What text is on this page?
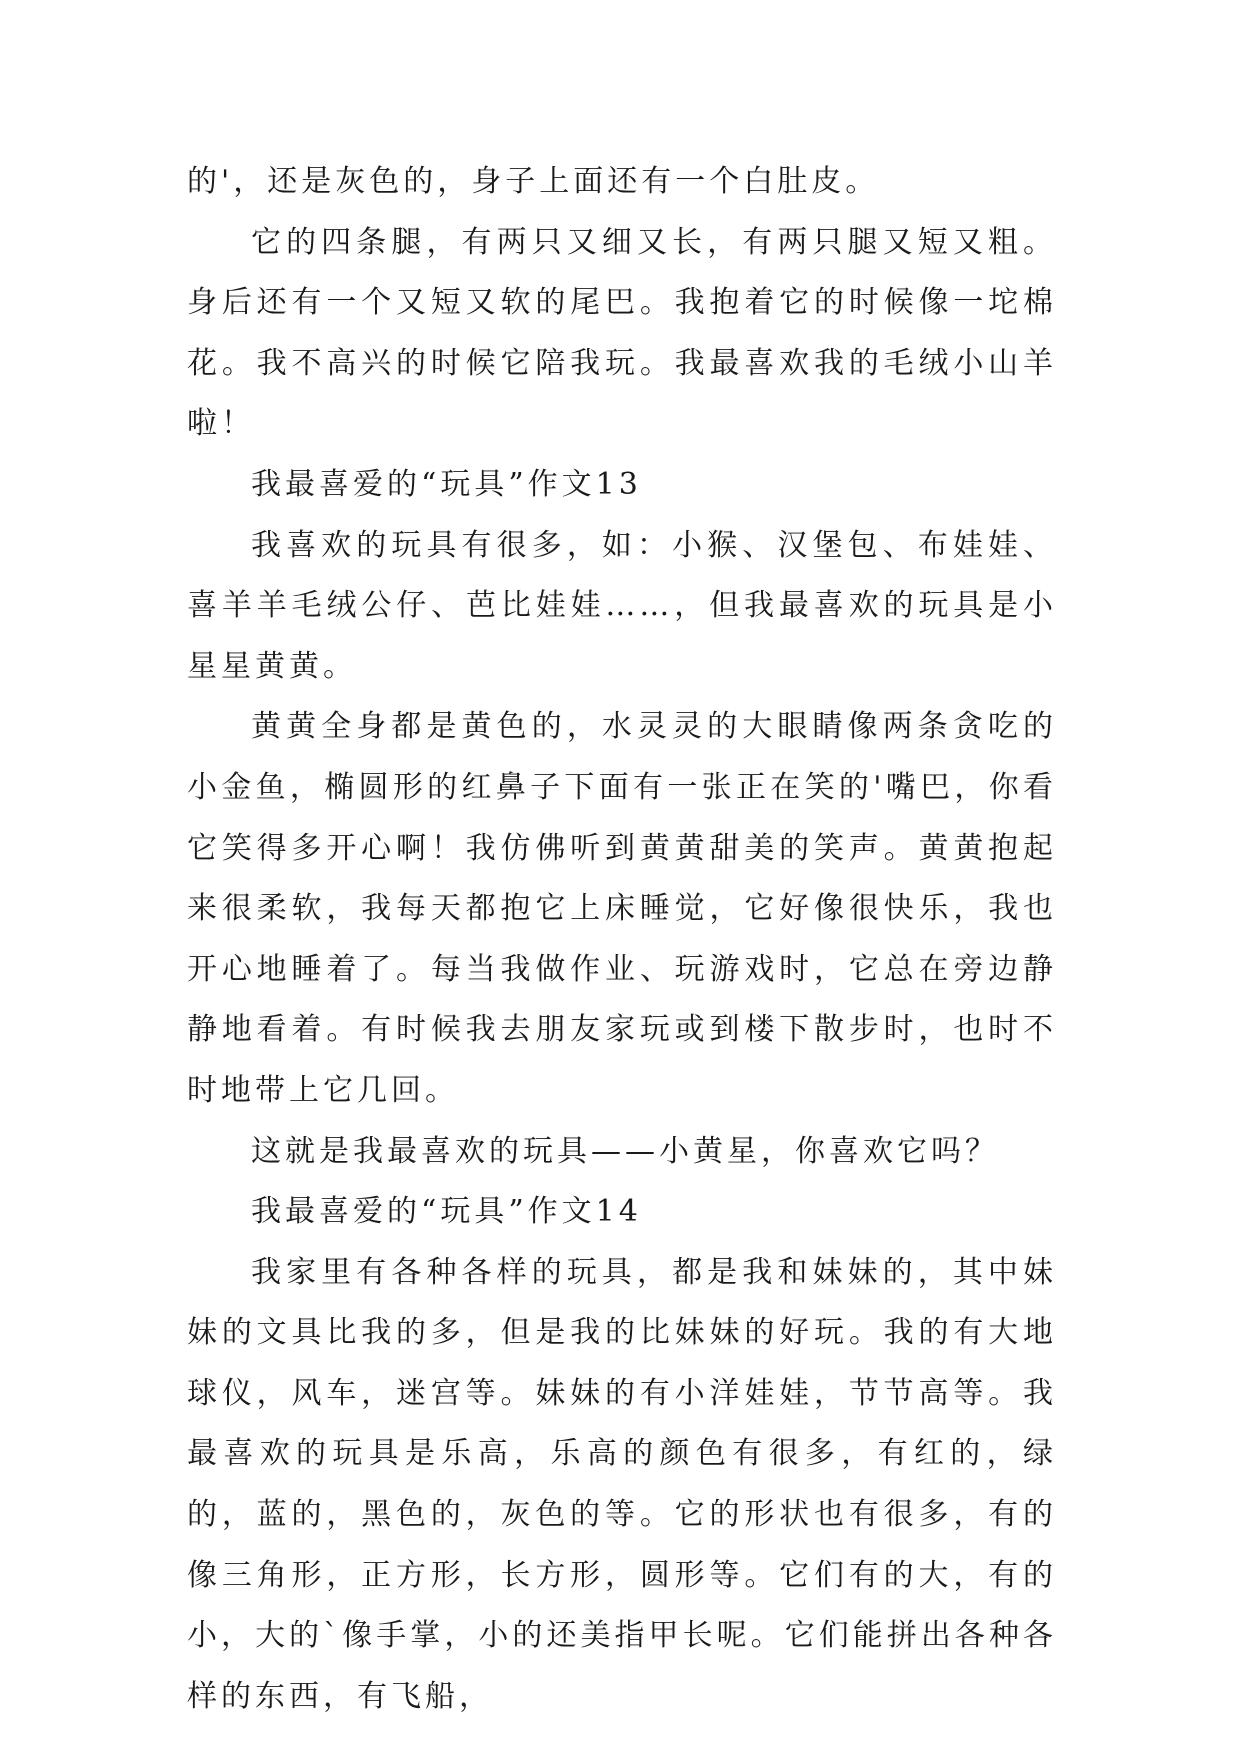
的'，还是灰色的，身子上面还有一个白肚皮。

它的四条腿，有两只又细又长，有两只腿又短又粗。身后还有一个又短又软的尾巴。我抱着它的时候像一坨棉花。我不高兴的时候它陪我玩。我最喜欢我的毛绒小山羊啦！

我最喜爱的“玩具”作文13

我喜欢的玩具有很多，如：小猴、汉堡包、布娃娃、喜羊羊毛绒公仔、芭比娃娃……，但我最喜欢的玩具是小星星黄黄。

黄黄全身都是黄色的，水灵灵的大眼睛像两条贪吃的小金鱼，椭圆形的红鼻子下面有一张正在笑的'嘴巴，你看它笑得多开心啊！我仿佛听到黄黄甜美的笑声。黄黄抱起来很柔软，我每天都抱它上床睡觉，它好像很快乐，我也开心地睡着了。每当我做作业、玩游戏时，它总在旁边静静地看着。有时候我去朋友家玩或到楼下散步时，也时不时地带上它几回。

这就是我最喜欢的玩具——小黄星，你喜欢它吗？

我最喜爱的“玩具”作文14

我家里有各种各样的玩具，都是我和妹妹的，其中妹妹的文具比我的多，但是我的比妹妹的好玩。我的有大地球仪，风车，迷宫等。妹妹的有小洋娃娃，节节高等。我最喜欢的玩具是乐高，乐高的颜色有很多，有红的，绿的，蓝的，黑色的，灰色的等。它的形状也有很多，有的像三角形，正方形，长方形，圆形等。它们有的大，有的小，大的`像手掌，小的还美指甲长呢。它们能拼出各种各样的东西，有飞船，
